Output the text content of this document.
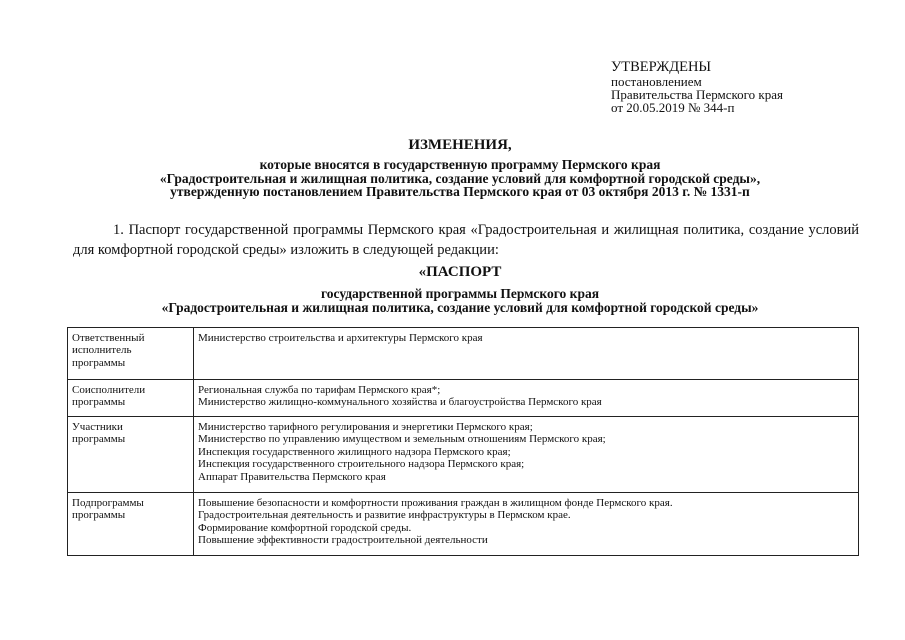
УТВЕРЖДЕНЫ
постановлением
Правительства Пермского края
от 20.05.2019 № 344-п
ИЗМЕНЕНИЯ,
которые вносятся в государственную программу Пермского края
«Градостроительная и жилищная политика, создание условий для комфортной городской среды»,
утвержденную постановлением Правительства Пермского края от 03 октября 2013 г. № 1331-п
1. Паспорт государственной программы Пермского края «Градостроительная и жилищная политика, создание условий для комфортной городской среды» изложить в следующей редакции:
«ПАСПОРТ
государственной программы Пермского края
«Градостроительная и жилищная политика, создание условий для комфортной городской среды»
Ответственный
исполнитель
программы	Министерство строительства и архитектуры Пермского края

Соисполнители
программы	Региональная служба по тарифам Пермского края*;
Министерство жилищно-коммунального хозяйства и благоустройства Пермского края

Участники
программы	Министерство тарифного регулирования и энергетики Пермского края;
Министерство по управлению имуществом и земельным отношениям Пермского края;
Инспекция государственного жилищного надзора Пермского края;
Инспекция государственного строительного надзора Пермского края;
Аппарат Правительства Пермского края

Подпрограммы
программы	Повышение безопасности и комфортности проживания граждан в жилищном фонде Пермского края.
Градостроительная деятельность и развитие инфраструктуры в Пермском крае.
Формирование комфортной городской среды.
Повышение эффективности градостроительной деятельности
